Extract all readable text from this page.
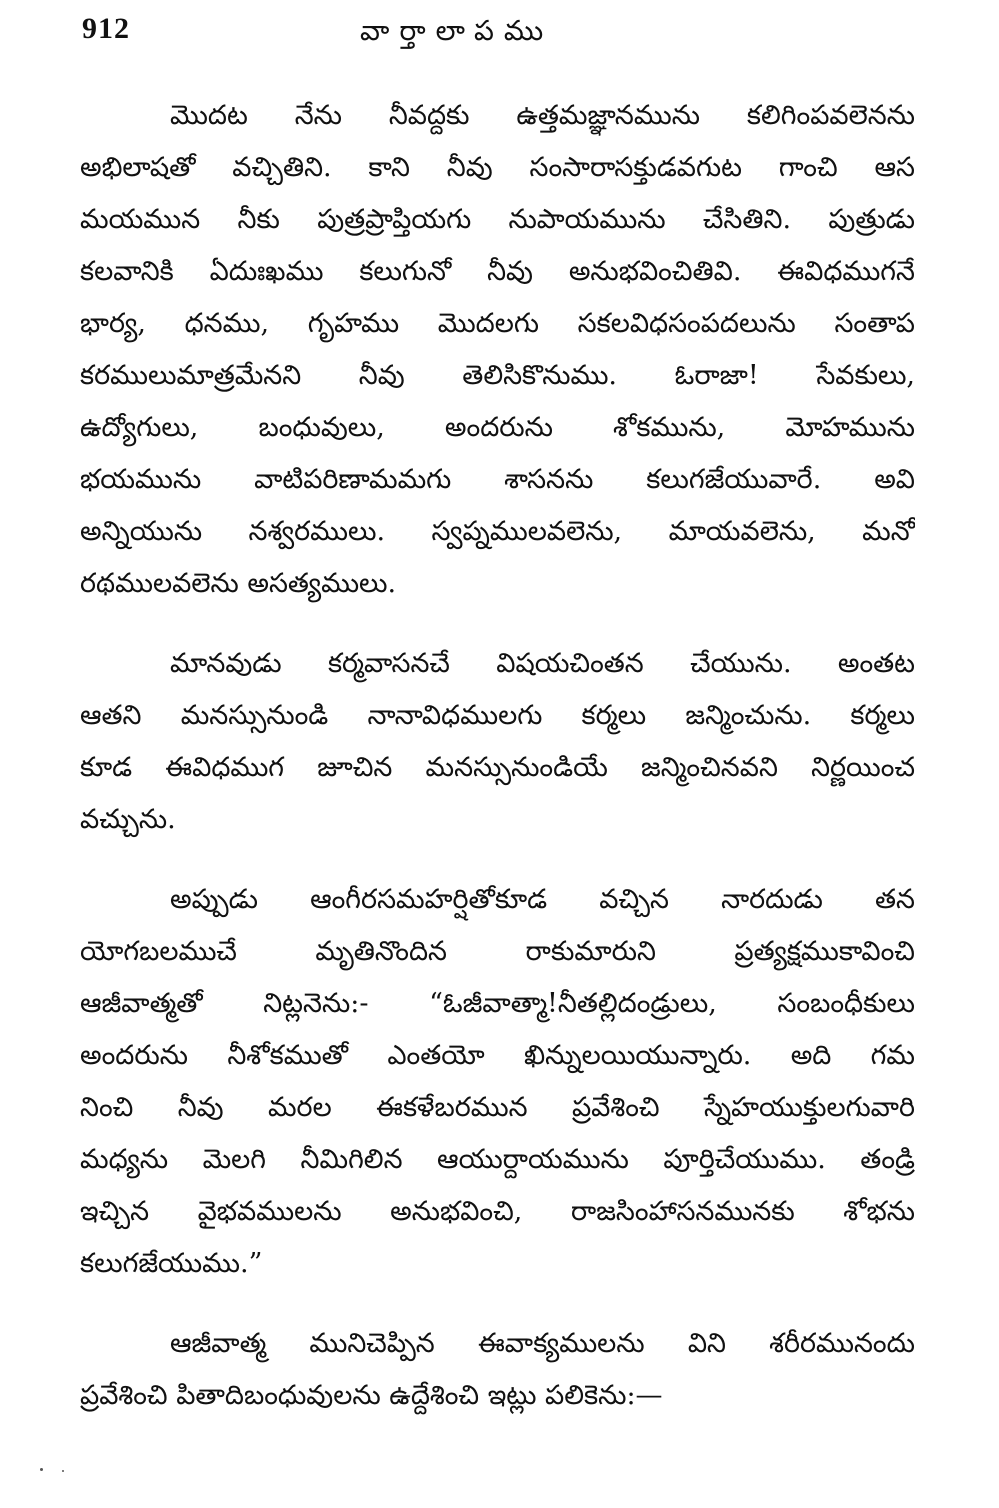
912	వార్తాలాపము
మొదట నేను నీవద్దకు ఉత్తమజ్ఞానమును కలిగింపవలెనను
అభిలాషతో వచ్చితిని. కాని నీవు సంసారాసక్తుడవగుట గాంచి ఆస
మయమున నీకు పుత్రప్రాప్తియగు నుపాయమును చేసితిని. పుత్రుడు
కలవానికి ఏదుఃఖము కలుగునో నీవు అనుభవించితివి. ఈవిధముగనే
భార్య, ధనము, గృహము మొదలగు సకలవిధసంపదలును సంతాప
కరములుమాత్రమేనని నీవు తెలిసికొనుము. ఓరాజా! సేవకులు,
ఉద్యోగులు, బంధువులు, అందరును శోకమును, మోహమును
భయమును వాటిపరిణామమగు శాసనను కలుగజేయువారే. అవి
అన్నియును నశ్వరములు. స్వప్నములవలెను, మాయవలెను, మనో
రథములవలెను అసత్యములు.
మానవుడు కర్మవాసనచే విషయచింతన చేయును. అంతట
ఆతని మనస్సునుండి నానావిధములగు కర్మలు జన్మించును. కర్మలు
కూడ ఈవిధముగ జూచిన మనస్సునుండియే జన్మించినవని నిర్ణయించ
వచ్చును.
అప్పుడు ఆంగీరసమహర్షితోకూడ వచ్చిన నారదుడు తన
యోగబలముచే మృతినొందిన రాకుమారుని ప్రత్యక్షముకావించి
ఆజీవాత్మతో నిట్లనెను:- “ఓజీవాత్మా!నీతల్లిదండ్రులు, సంబంధీకులు
అందరును నీశోకముతో ఎంతయో ఖిన్నులయియున్నారు. అది గమ
నించి నీవు మరల ఈకళేబరమున ప్రవేశించి స్నేహయుక్తులగువారి
మధ్యను మెలగి నీమిగిలిన ఆయుర్దాయమును పూర్తిచేయుము. తండ్రి
ఇచ్చిన వైభవములను అనుభవించి, రాజసింహాసనమునకు శోభను
కలుగజేయుము.”
ఆజీవాత్మ మునిచెప్పిన ఈవాక్యములను విని శరీరమునందు
ప్రవేశించి పితాదిబంధువులను ఉద్దేశించి ఇట్లు పలికెను:—
